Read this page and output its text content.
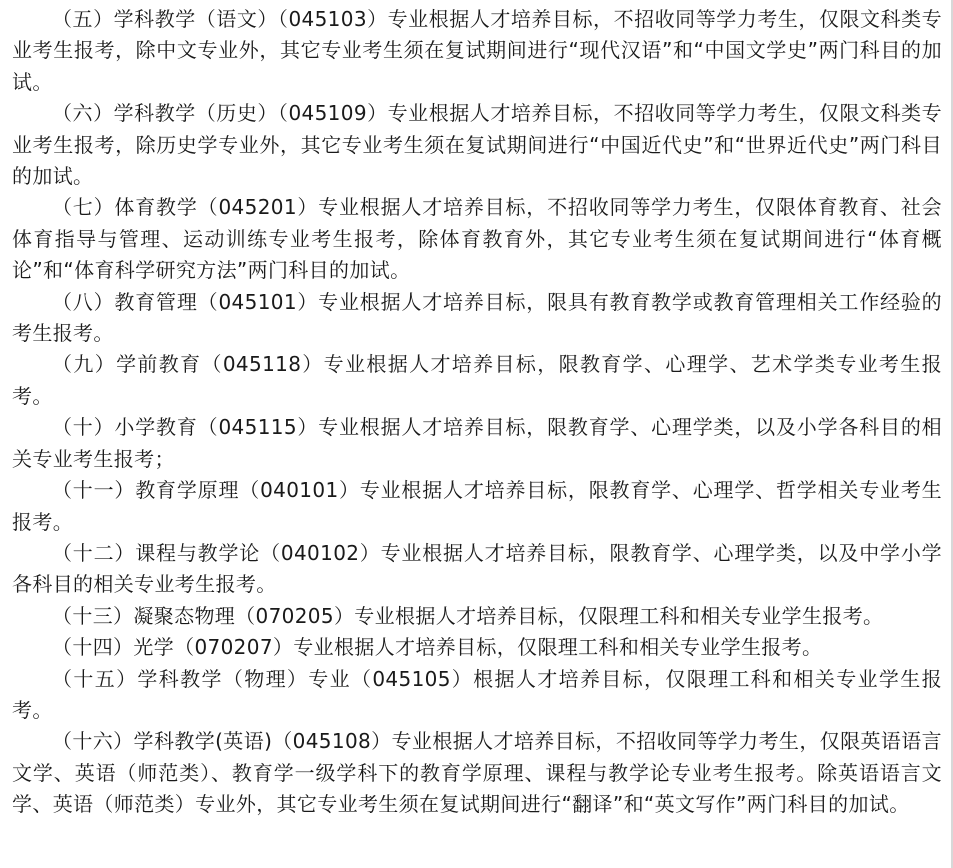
（五）学科教学（语文）（045103）专业根据人才培养目标，不招收同等学力考生，仅限文科类专业考生报考，除中文专业外，其它专业考生须在复试期间进行“现代汉语”和“中国文学史”两门科目的加试。

（六）学科教学（历史）（045109）专业根据人才培养目标，不招收同等学力考生，仅限文科类专业考生报考，除历史学专业外，其它专业考生须在复试期间进行“中国近代史”和“世界近代史”两门科目的加试。

（七）体育教学（045201）专业根据人才培养目标，不招收同等学力考生，仅限体育教育、社会体育指导与管理、运动训练专业考生报考，除体育教育外，其它专业考生须在复试期间进行“体育概论”和“体育科学研究方法”两门科目的加试。

（八）教育管理（045101）专业根据人才培养目标，限具有教育教学或教育管理相关工作经验的考生报考。

（九）学前教育（045118）专业根据人才培养目标，限教育学、心理学、艺术学类专业考生报考。

（十）小学教育（045115）专业根据人才培养目标，限教育学、心理学类，以及小学各科目的相关专业考生报考；

（十一）教育学原理（040101）专业根据人才培养目标，限教育学、心理学、哲学相关专业考生报考。

（十二）课程与教学论（040102）专业根据人才培养目标，限教育学、心理学类，以及中学小学各科目的相关专业考生报考。

（十三）凝聚态物理（070205）专业根据人才培养目标，仅限理工科和相关专业学生报考。

（十四）光学（070207）专业根据人才培养目标，仅限理工科和相关专业学生报考。

（十五）学科教学（物理）专业（045105）根据人才培养目标，仅限理工科和相关专业学生报考。

（十六）学科教学(英语)（045108）专业根据人才培养目标，不招收同等学力考生，仅限英语语言文学、英语（师范类）、教育学一级学科下的教育学原理、课程与教学论专业考生报考。除英语语言文学、英语（师范类）专业外，其它专业考生须在复试期间进行“翻译”和“英文写作”两门科目的加试。
